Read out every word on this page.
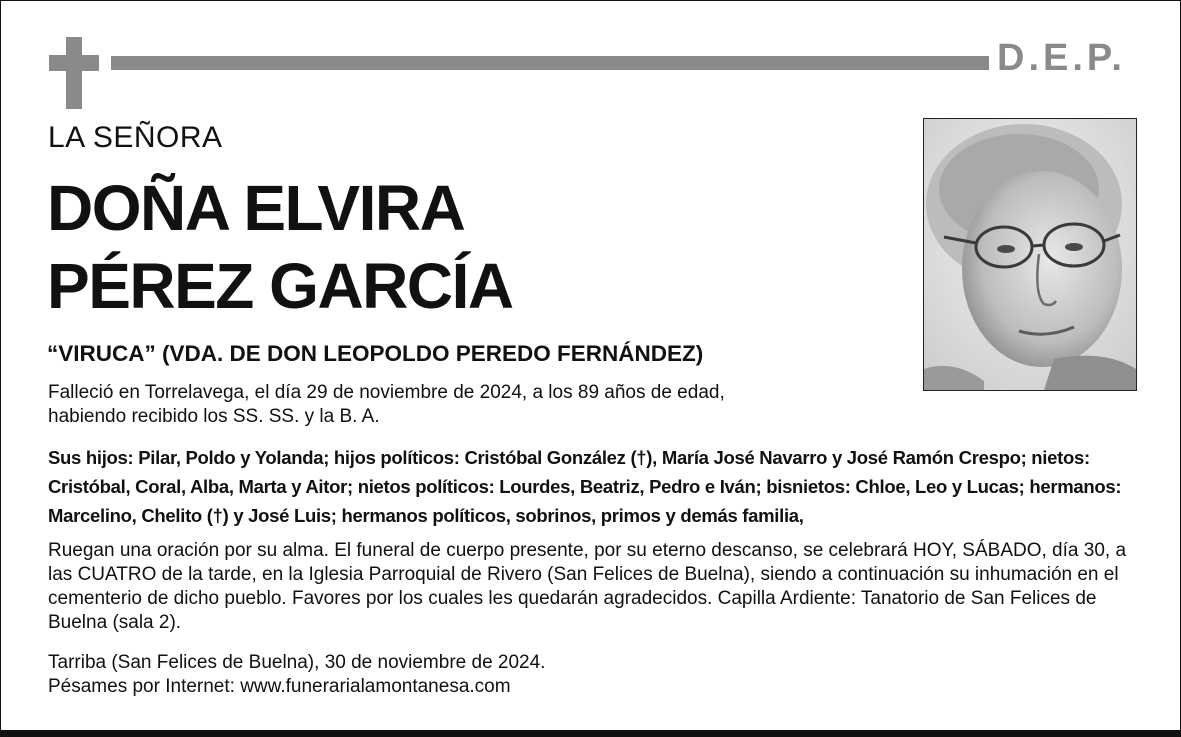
D.E.P.
LA SEÑORA
DOÑA ELVIRA
PÉREZ GARCÍA
“VIRUCA” (VDA. DE DON LEOPOLDO PEREDO FERNÁNDEZ)
Falleció en Torrelavega, el día 29 de noviembre de 2024, a los 89 años de edad,
habiendo recibido los SS. SS. y la B. A.
Sus hijos: Pilar, Poldo y Yolanda; hijos políticos: Cristóbal González (†), María José Navarro y José Ramón Crespo; nietos: Cristóbal, Coral, Alba, Marta y Aitor; nietos políticos: Lourdes, Beatriz, Pedro e Iván; bisnietos: Chloe, Leo y Lucas; hermanos: Marcelino, Chelito (†) y José Luis; hermanos políticos, sobrinos, primos y demás familia,
Ruegan una oración por su alma. El funeral de cuerpo presente, por su eterno descanso, se celebrará HOY, SÁBADO, día 30, a las CUATRO de la tarde, en la Iglesia Parroquial de Rivero (San Felices de Buelna), siendo a continuación su inhumación en el cementerio de dicho pueblo. Favores por los cuales les quedarán agradecidos. Capilla Ardiente: Tanatorio de San Felices de Buelna (sala 2).
Tarriba (San Felices de Buelna), 30 de noviembre de 2024.
Pésames por Internet: www.funerarialamontanesa.com
